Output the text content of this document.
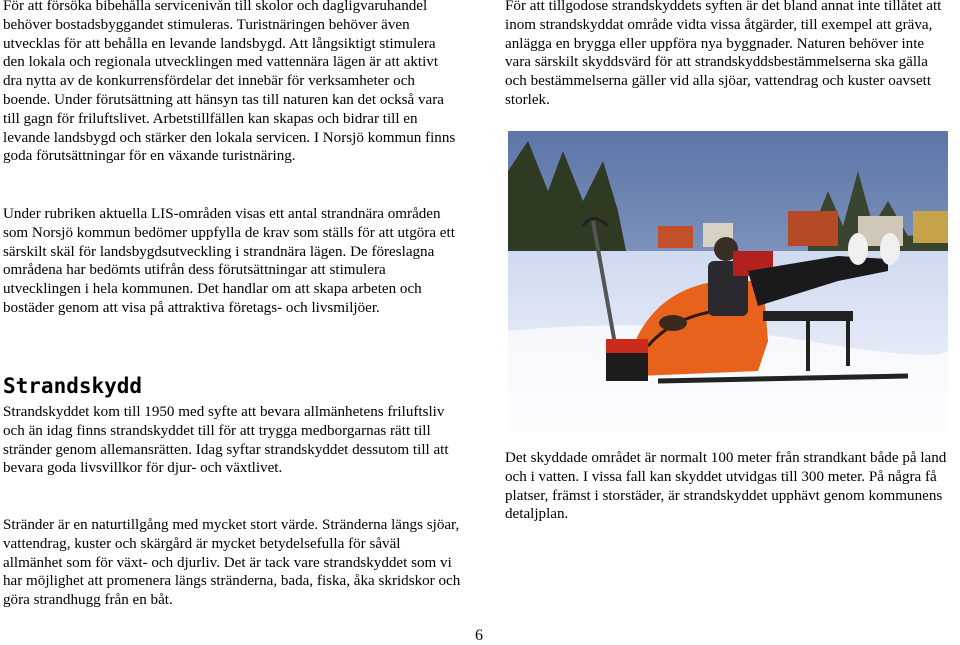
För att försöka bibehålla servicenivån till skolor och dagligvaruhandel behöver bostadsbyggandet stimuleras. Turistnäringen behöver även utvecklas för att behålla en levande landsbygd. Att långsiktigt stimulera den lokala och regionala utvecklingen med vattennära lägen är att aktivt dra nytta av de konkurrensfördelar det innebär för verksamheter och boende. Under förutsättning att hänsyn tas till naturen kan det också vara till gagn för friluftslivet. Arbetstillfällen kan skapas och bidrar till en levande landsbygd och stärker den lokala servicen. I Norsjö kommun finns goda förutsättningar för en växande turistnäring.

Under rubriken aktuella LIS-områden visas ett antal strandnära områden som Norsjö kommun bedömer uppfylla de krav som ställs för att utgöra ett särskilt skäl för landsbygdsutveckling i strandnära lägen. De föreslagna områdena har bedömts utifrån dess förutsättningar att stimulera utvecklingen i hela kommunen. Det handlar om att skapa arbeten och bostäder genom att visa på attraktiva företags- och livsmiljöer.

Strandskydd

Strandskyddet kom till 1950 med syfte att bevara allmänhetens friluftsliv och än idag finns strandskyddet till för att trygga medborgarnas rätt till stränder genom allemansrätten. Idag syftar strandskyddet dessutom till att bevara goda livsvillkor för djur- och växtlivet.

Stränder är en naturtillgång med mycket stort värde. Stränderna längs sjöar, vattendrag, kuster och skärgård är mycket betydelsefulla för såväl allmänhet som för växt- och djurliv. Det är tack vare strandskyddet som vi har möjlighet att promenera längs stränderna, bada, fiska, åka skridskor och göra strandhugg från en båt.

För att tillgodose strandskyddets syften är det bland annat inte tillåtet att inom strandskyddat område vidta vissa åtgärder, till exempel att gräva, anlägga en brygga eller uppföra nya byggnader. Naturen behöver inte vara särskilt skyddsvärd för att strandskyddsbestämmelserna ska gälla och bestämmelserna gäller vid alla sjöar, vattendrag och kuster oavsett storlek.

Det skyddade området är normalt 100 meter från strandkant både på land och i vatten. I vissa fall kan skyddet utvidgas till 300 meter. På några få platser, främst i storstäder, är strandskyddet upphävt genom kommunens detaljplan.

6
